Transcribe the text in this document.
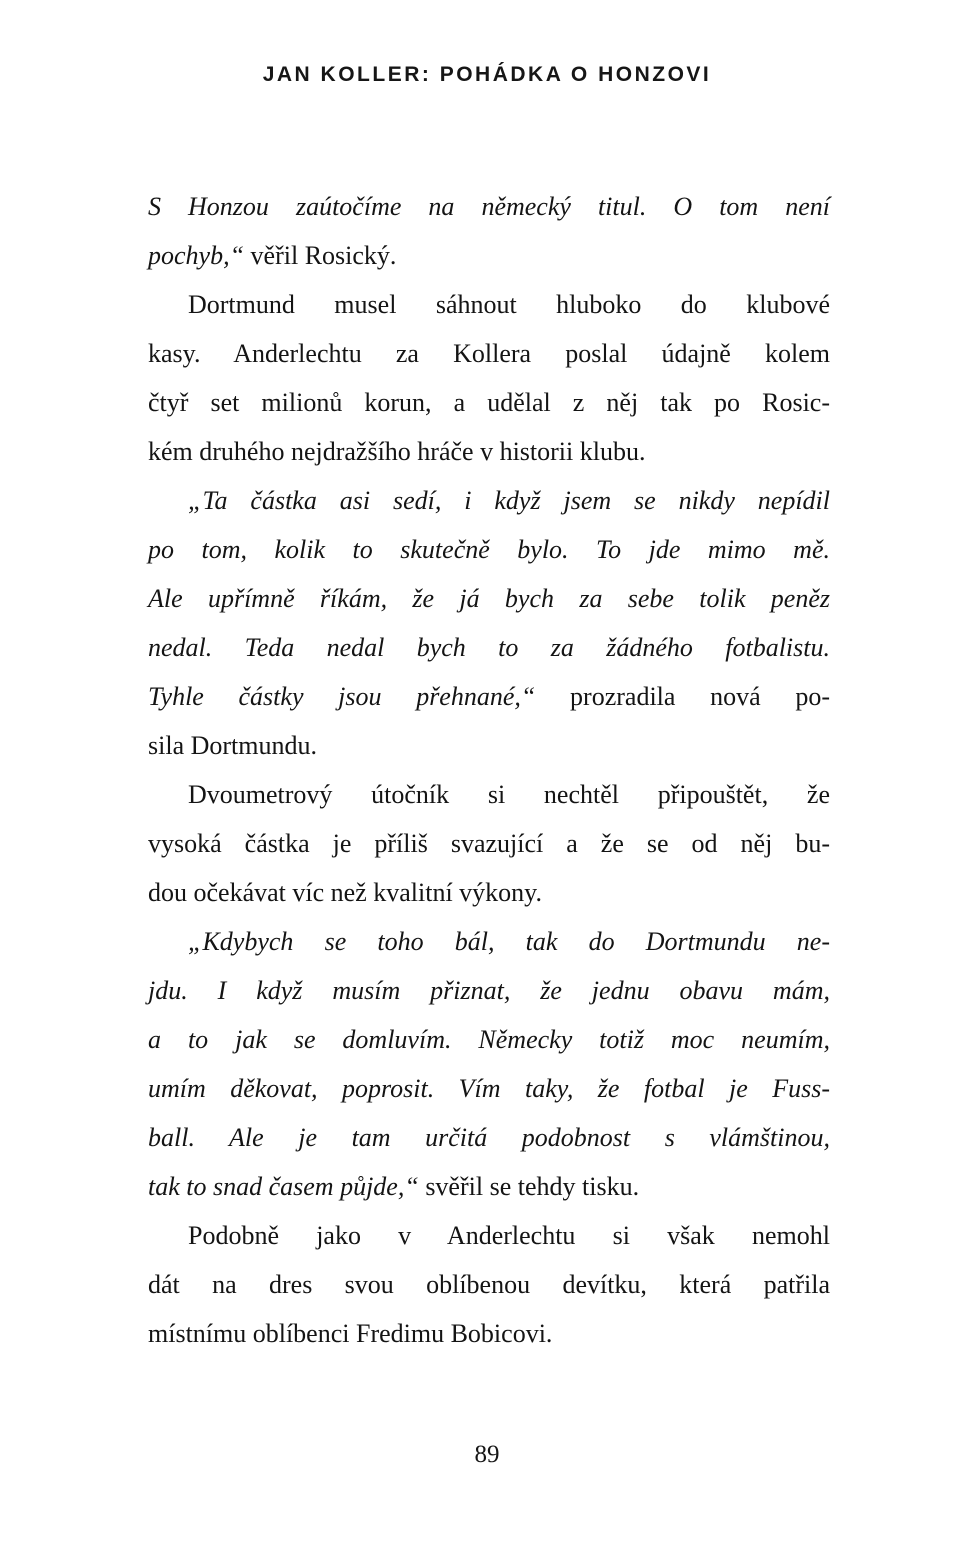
JAN KOLLER: POHÁDKA O HONZOVI
S Honzou zaútočíme na německý titul. O tom není
pochyb,“ věřil Rosický.
Dortmund musel sáhnout hluboko do klubové
kasy. Anderlechtu za Kollera poslal údajně kolem
čtyř set milionů korun, a udělal z něj tak po Rosic-
kém druhého nejdražšího hráče v historii klubu.
„Ta částka asi sedí, i když jsem se nikdy nepídil
po tom, kolik to skutečně bylo. To jde mimo mě.
Ale upřímně říkám, že já bych za sebe tolik peněz
nedal. Teda nedal bych to za žádného fotbalistu.
Tyhle částky jsou přehnané,“ prozradila nová po-
sila Dortmundu.
Dvoumetrový útočník si nechtěl připouštět, že
vysoká částka je příliš svazující a že se od něj bu-
dou očekávat víc než kvalitní výkony.
„Kdybych se toho bál, tak do Dortmundu ne-
jdu. I když musím přiznat, že jednu obavu mám,
a to jak se domluvím. Německy totiž moc neumím,
umím děkovat, poprosit. Vím taky, že fotbal je Fuss-
ball. Ale je tam určitá podobnost s vlámštinou,
tak to snad časem půjde,“ svěřil se tehdy tisku.
Podobně jako v Anderlechtu si však nemohl
dát na dres svou oblíbenou devítku, která patřila
místnímu oblíbenci Fredimu Bobicovi.
89
